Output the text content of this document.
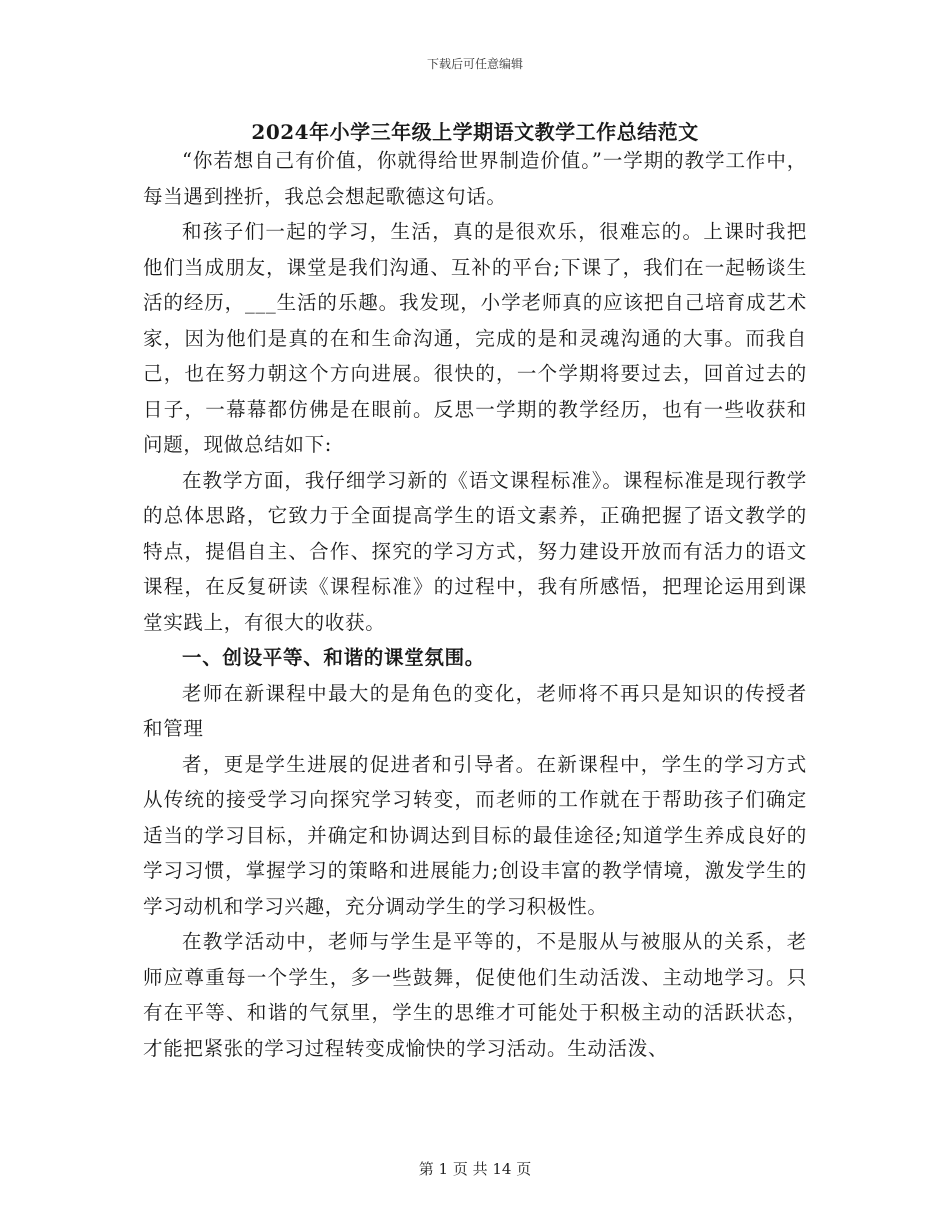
下载后可任意编辑
2024年小学三年级上学期语文教学工作总结范文

“你若想自己有价值，你就得给世界制造价值。”一学期的教学工作中，每当遇到挫折，我总会想起歌德这句话。

和孩子们一起的学习，生活，真的是很欢乐，很难忘的。上课时我把他们当成朋友，课堂是我们沟通、互补的平台;下课了，我们在一起畅谈生活的经历，___生活的乐趣。我发现，小学老师真的应该把自己培育成艺术家，因为他们是真的在和生命沟通，完成的是和灵魂沟通的大事。而我自己，也在努力朝这个方向进展。很快的，一个学期将要过去，回首过去的日子，一幕幕都仿佛是在眼前。反思一学期的教学经历，也有一些收获和问题，现做总结如下:

在教学方面，我仔细学习新的《语文课程标准》。课程标准是现行教学的总体思路，它致力于全面提高学生的语文素养，正确把握了语文教学的特点，提倡自主、合作、探究的学习方式，努力建设开放而有活力的语文课程，在反复研读《课程标准》的过程中，我有所感悟，把理论运用到课堂实践上，有很大的收获。

一、创设平等、和谐的课堂氛围。

老师在新课程中最大的是角色的变化，老师将不再只是知识的传授者和管理

者，更是学生进展的促进者和引导者。在新课程中，学生的学习方式从传统的接受学习向探究学习转变，而老师的工作就在于帮助孩子们确定适当的学习目标，并确定和协调达到目标的最佳途径;知道学生养成良好的学习习惯，掌握学习的策略和进展能力;创设丰富的教学情境，激发学生的学习动机和学习兴趣，充分调动学生的学习积极性。

在教学活动中，老师与学生是平等的，不是服从与被服从的关系，老师应尊重每一个学生，多一些鼓舞，促使他们生动活泼、主动地学习。只有在平等、和谐的气氛里，学生的思维才可能处于积极主动的活跃状态，才能把紧张的学习过程转变成愉快的学习活动。生动活泼、

第 1 页 共 14 页
